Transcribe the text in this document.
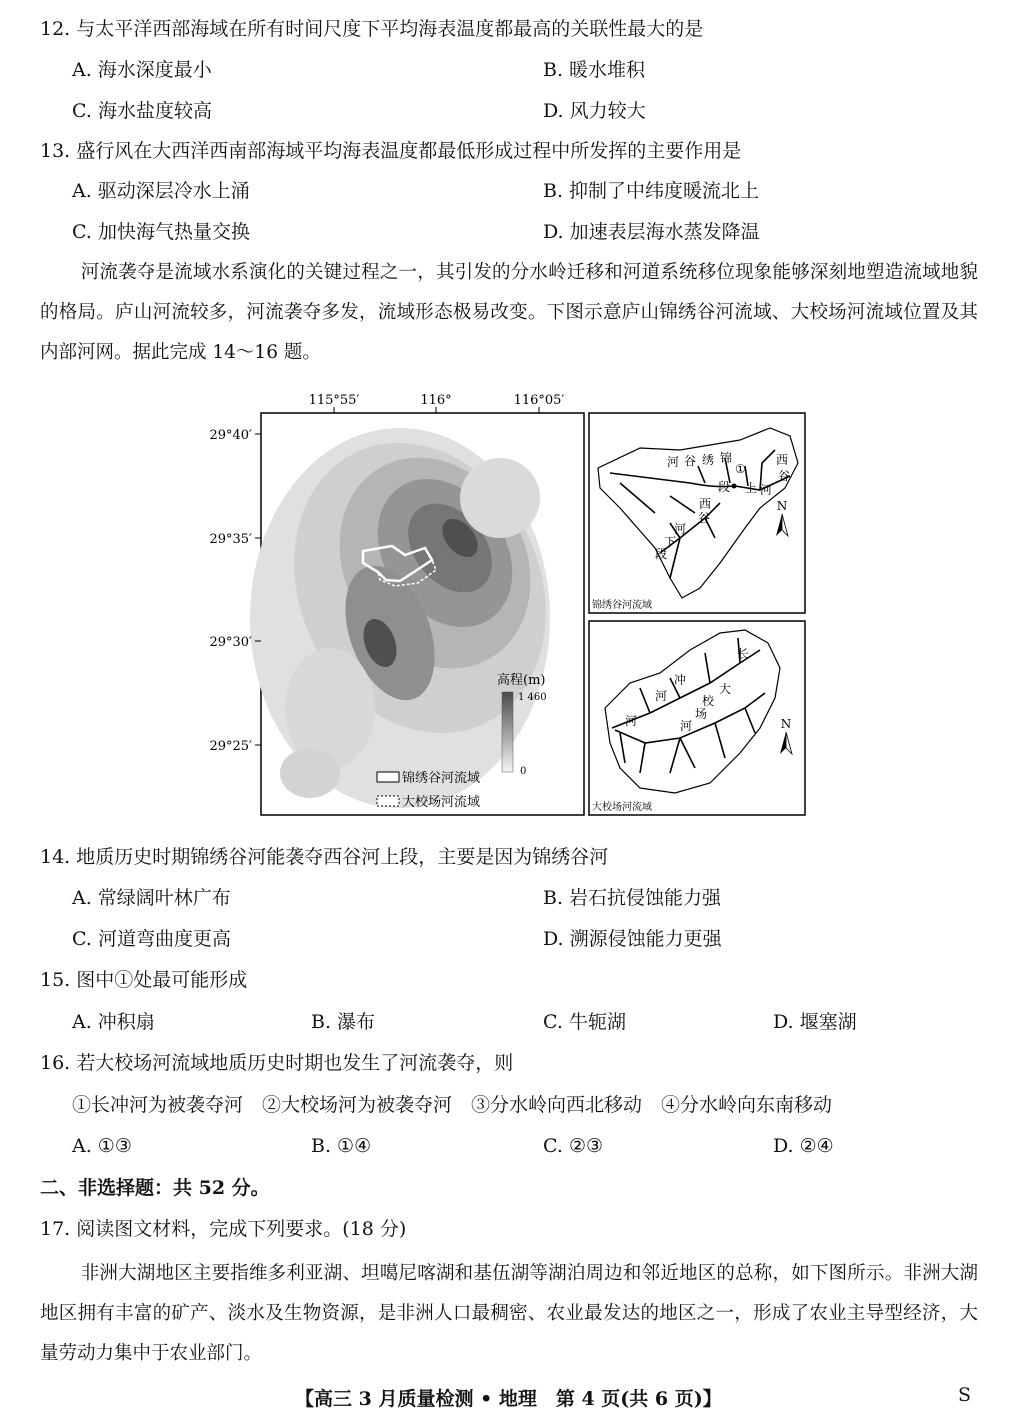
12. 与太平洋西部海域在所有时间尺度下平均海表温度都最高的关联性最大的是
A. 海水深度最小	B. 暖水堆积
C. 海水盐度较高	D. 风力较大
13. 盛行风在大西洋西南部海域平均海表温度都最低形成过程中所发挥的主要作用是
A. 驱动深层冷水上涌	B. 抑制了中纬度暖流北上
C. 加快海气热量交换	D. 加速表层海水蒸发降温
河流袭夺是流域水系演化的关键过程之一，其引发的分水岭迁移和河道系统移位现象能够深刻地塑造流域地貌的格局。庐山河流较多，河流袭夺多发，流域形态极易改变。下图示意庐山锦绣谷河流域、大校场河流域位置及其内部河网。据此完成 14～16 题。
115°55′	116°	116°05′
29°40′
29°35′
29°30′
29°25′
高程(m)
1 460
0
锦绣谷河流域
大校场河流域
河 谷 绣 锦
①
西
谷
段 上 河
西
谷
河
下
段
N
锦绣谷河流域
长
冲
大
校
河
场
河
河	N
大校场河流域
14. 地质历史时期锦绣谷河能袭夺西谷河上段，主要是因为锦绣谷河
A. 常绿阔叶林广布	B. 岩石抗侵蚀能力强
C. 河道弯曲度更高	D. 溯源侵蚀能力更强
15. 图中①处最可能形成
A. 冲积扇	B. 瀑布	C. 牛轭湖	D. 堰塞湖
16. 若大校场河流域地质历史时期也发生了河流袭夺，则
①长冲河为被袭夺河　②大校场河为被袭夺河　③分水岭向西北移动　④分水岭向东南移动
A. ①③	B. ①④	C. ②③	D. ②④
二、非选择题：共 52 分。
17. 阅读图文材料，完成下列要求。(18 分)
非洲大湖地区主要指维多利亚湖、坦噶尼喀湖和基伍湖等湖泊周边和邻近地区的总称，如下图所示。非洲大湖地区拥有丰富的矿产、淡水及生物资源，是非洲人口最稠密、农业最发达的地区之一，形成了农业主导型经济，大量劳动力集中于农业部门。
【高三 3 月质量检测 • 地理　第 4 页(共 6 页)】	S
